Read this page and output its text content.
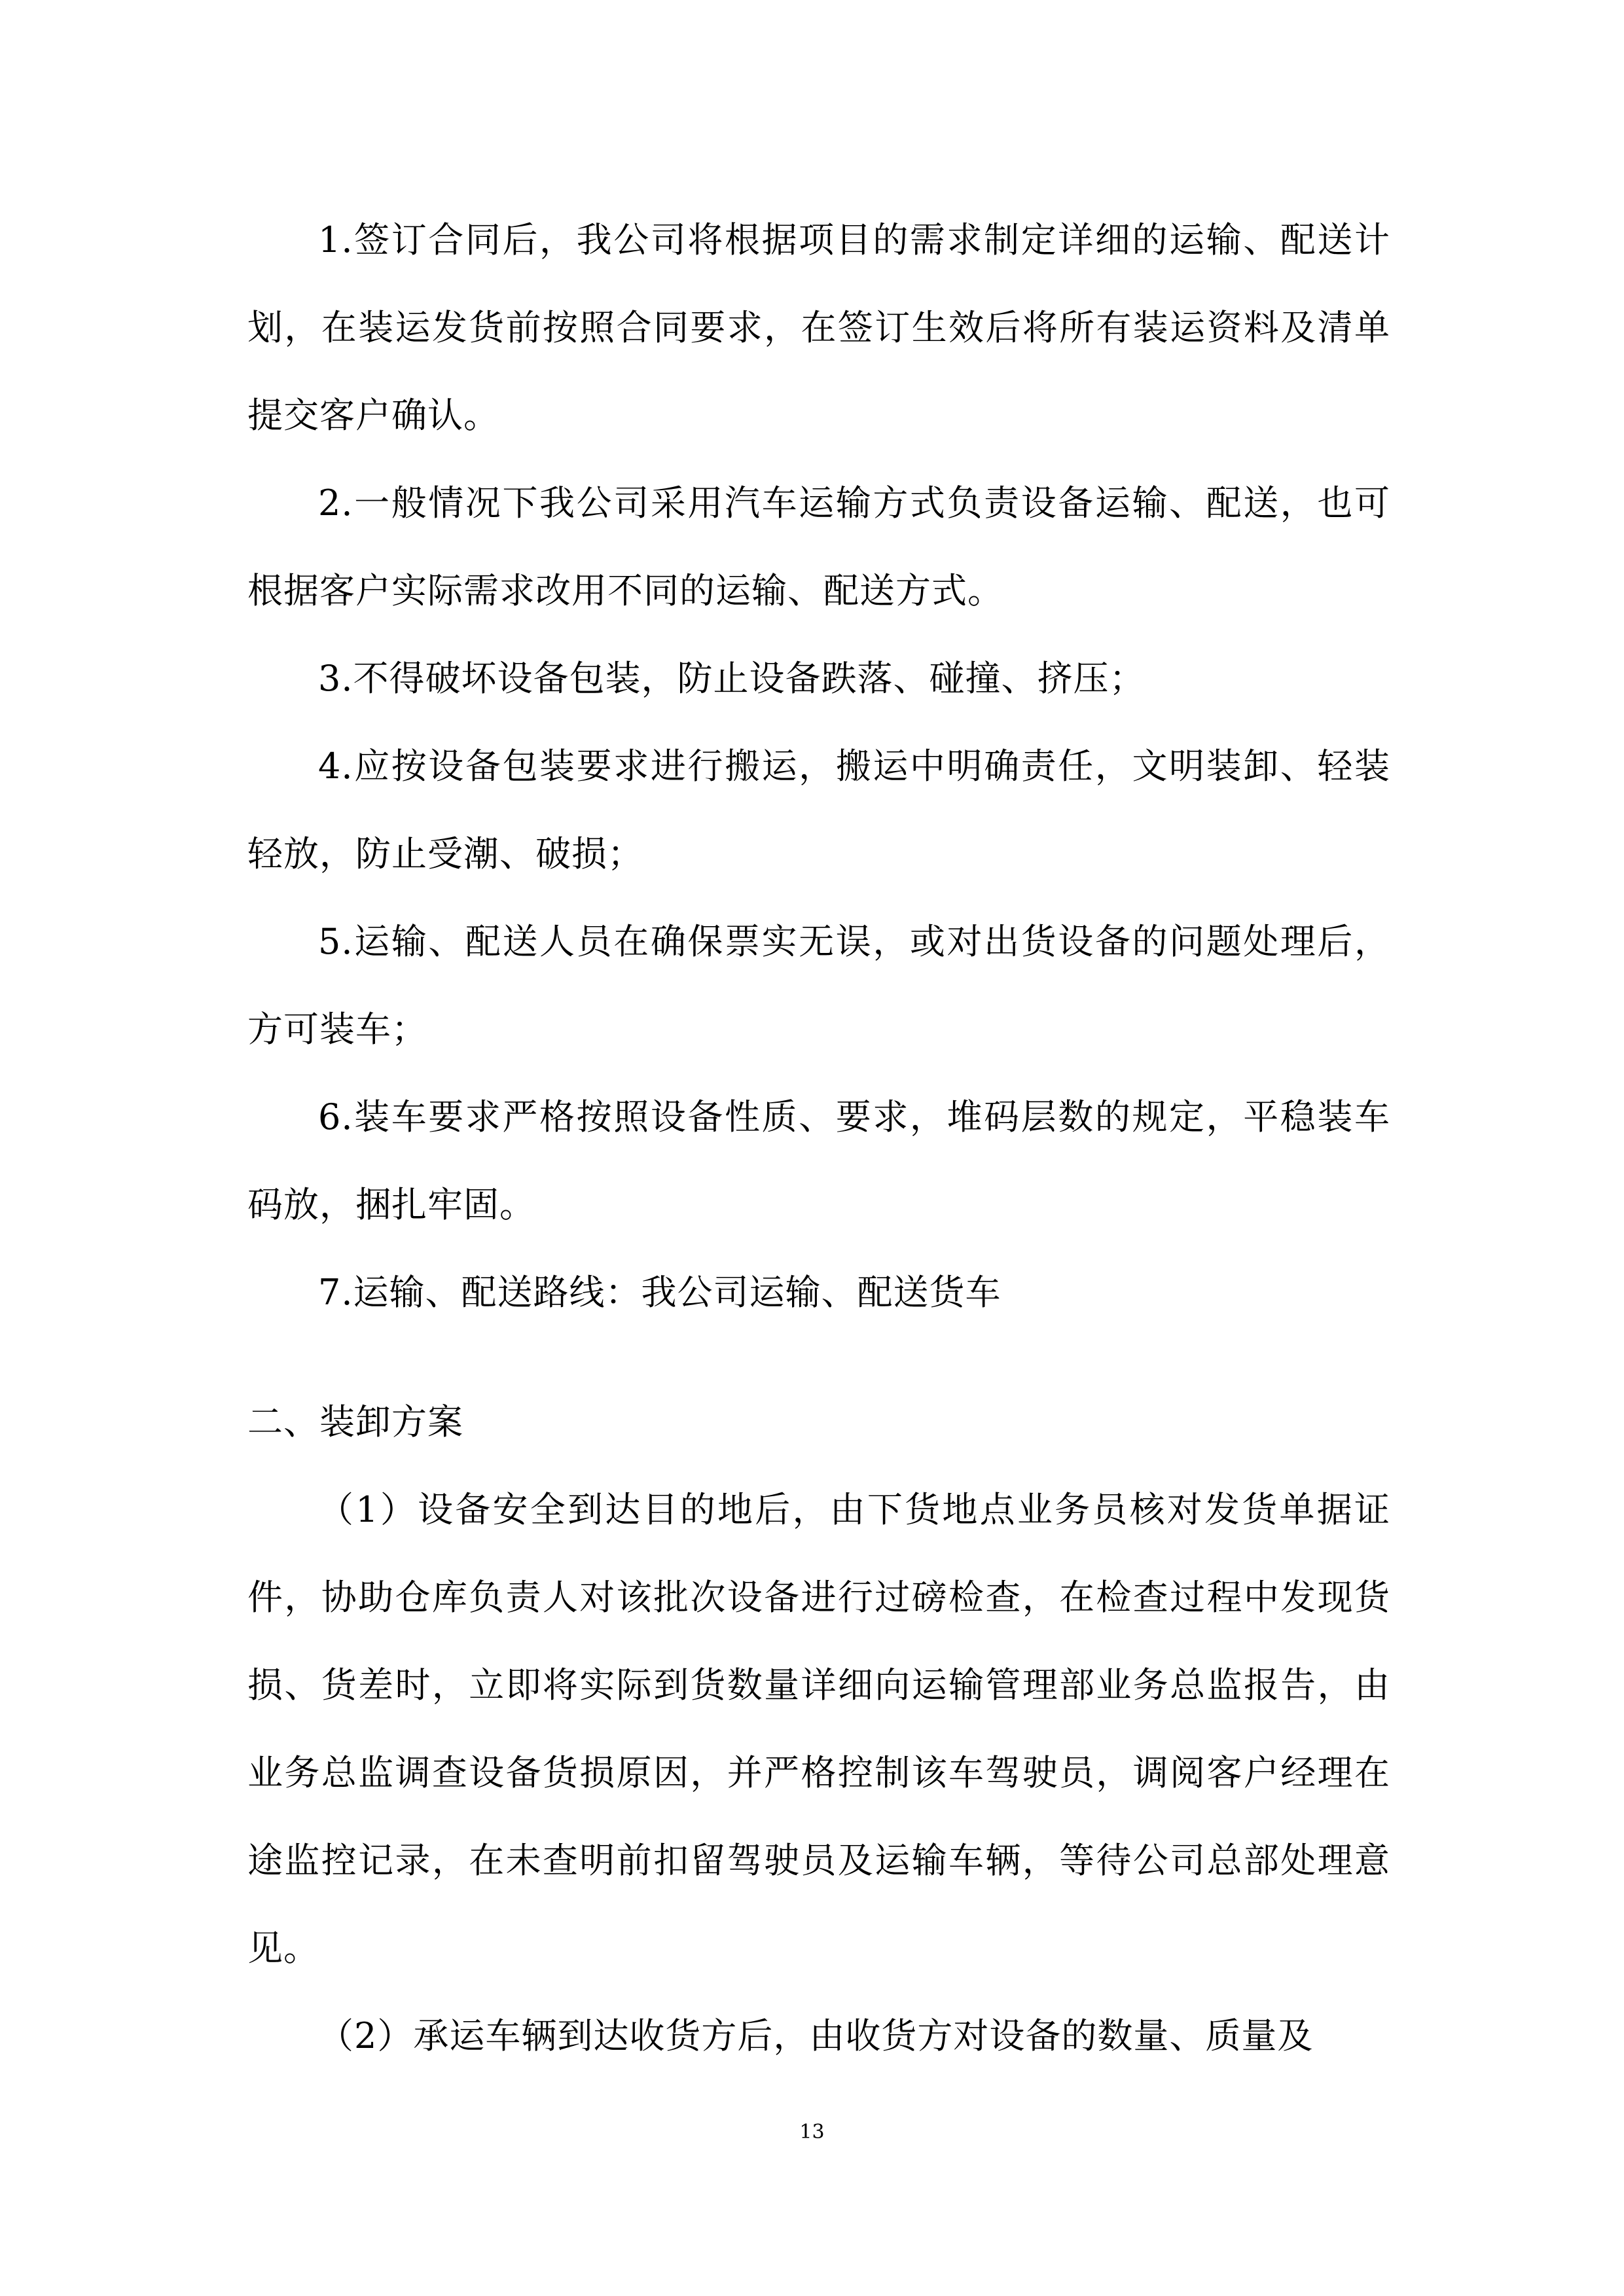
1.签订合同后，我公司将根据项目的需求制定详细的运输、配送计划，在装运发货前按照合同要求，在签订生效后将所有装运资料及清单提交客户确认。

2.一般情况下我公司采用汽车运输方式负责设备运输、配送，也可根据客户实际需求改用不同的运输、配送方式。

3.不得破坏设备包装，防止设备跌落、碰撞、挤压；

4.应按设备包装要求进行搬运，搬运中明确责任，文明装卸、轻装轻放，防止受潮、破损；

5.运输、配送人员在确保票实无误，或对出货设备的问题处理后，方可装车；

6.装车要求严格按照设备性质、要求，堆码层数的规定，平稳装车码放，捆扎牢固。

7.运输、配送路线：我公司运输、配送货车

二、装卸方案

（1）设备安全到达目的地后，由下货地点业务员核对发货单据证件，协助仓库负责人对该批次设备进行过磅检查，在检查过程中发现货损、货差时，立即将实际到货数量详细向运输管理部业务总监报告，由业务总监调查设备货损原因，并严格控制该车驾驶员，调阅客户经理在途监控记录，在未查明前扣留驾驶员及运输车辆，等待公司总部处理意见。

（2）承运车辆到达收货方后，由收货方对设备的数量、质量及

13
